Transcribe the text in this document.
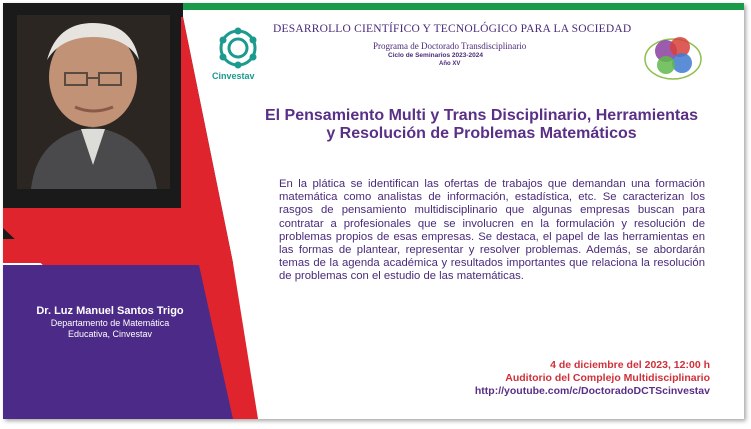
Cinvestav
DESARROLLO CIENTÍFICO Y TECNOLÓGICO PARA LA SOCIEDAD
Programa de Doctorado Transdisciplinario
Ciclo de Seminarios 2023-2024
Año XV
El Pensamiento Multi y Trans Disciplinario, Herramientas
y Resolución de Problemas Matemáticos
En la plática se identifican las ofertas de trabajos que demandan una formación matemática como analistas de información, estadística, etc. Se caracterizan los rasgos de pensamiento multidisciplinario que algunas empresas buscan para contratar a profesionales que se involucren en la formulación y resolución de problemas propios de esas empresas. Se destaca, el papel de las herramientas en las formas de plantear, representar y resolver problemas. Además, se abordarán temas de la agenda académica y resultados importantes que relaciona la resolución de problemas con el estudio de las matemáticas.
Dr. Luz Manuel Santos Trigo
Departamento de Matemática
Educativa, Cinvestav
4 de diciembre del 2023, 12:00 h
Auditorio del Complejo Multidisciplinario
http://youtube.com/c/DoctoradoDCTScinvestav
